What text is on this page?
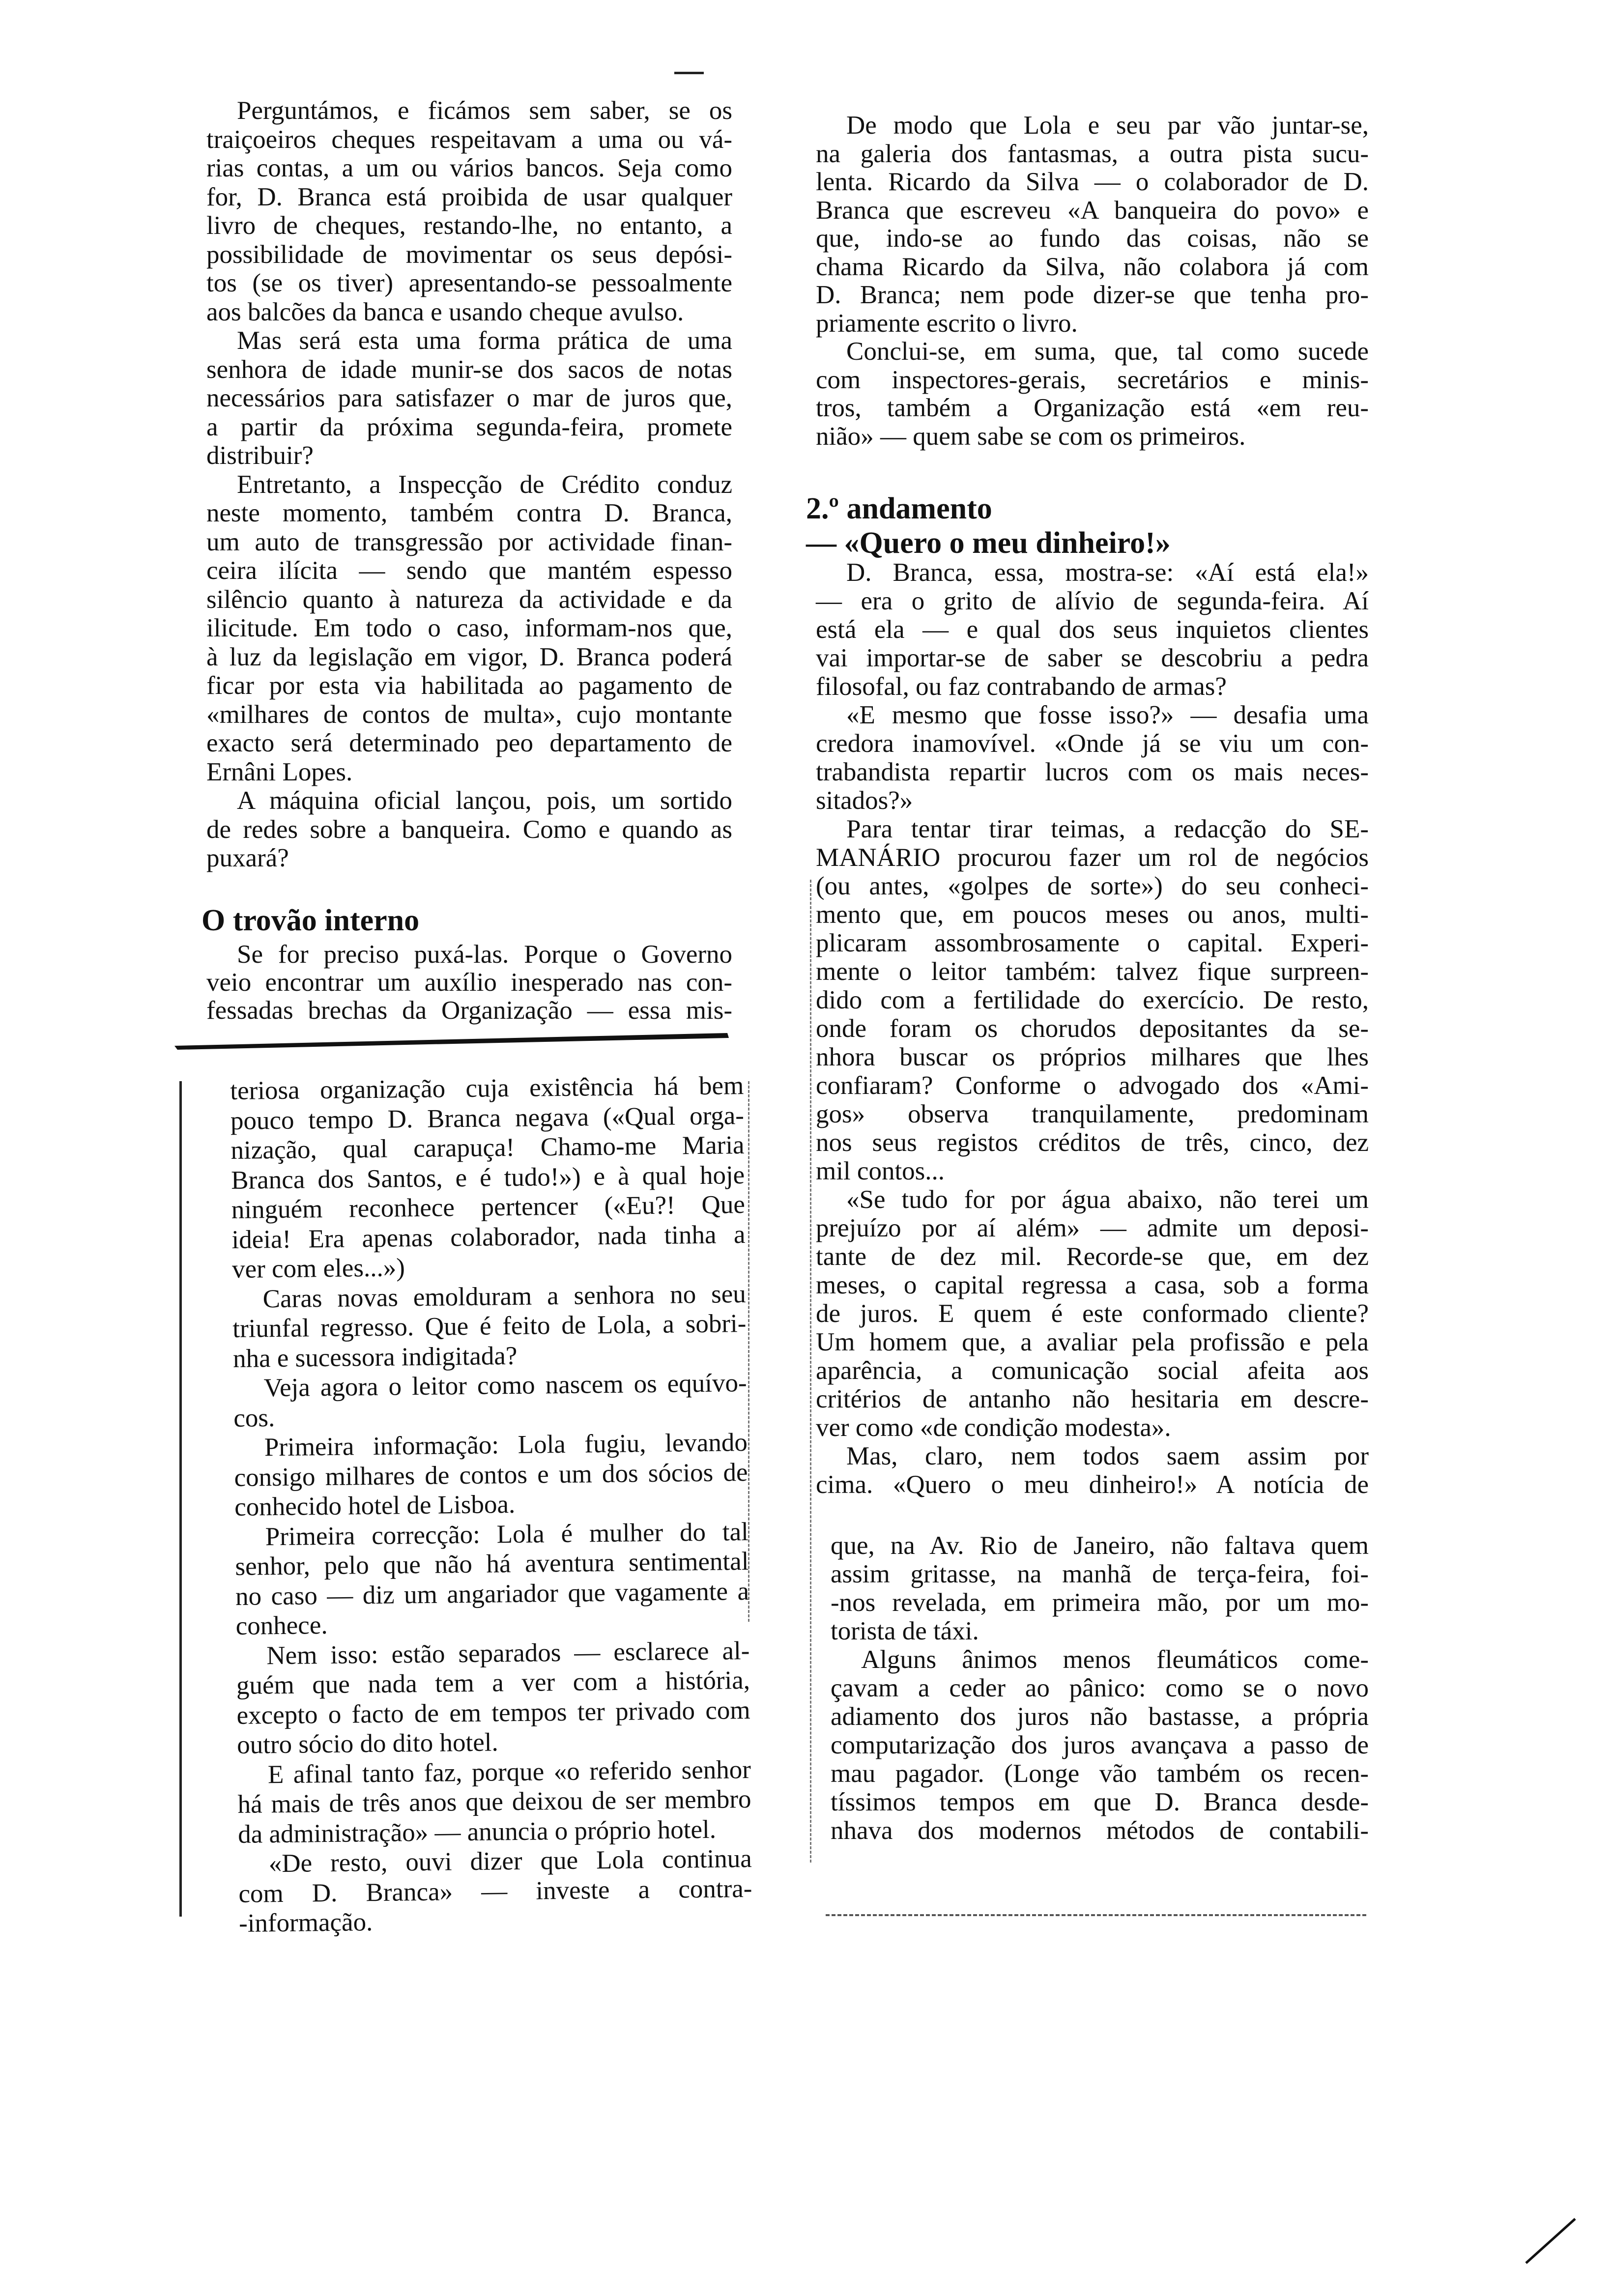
Perguntámos, e ficámos sem saber, se os
traiçoeiros cheques respeitavam a uma ou vá-
rias contas, a um ou vários bancos. Seja como
for, D. Branca está proibida de usar qualquer
livro de cheques, restando-lhe, no entanto, a
possibilidade de movimentar os seus depósi-
tos (se os tiver) apresentando-se pessoalmente
aos balcões da banca e usando cheque avulso.
Mas será esta uma forma prática de uma
senhora de idade munir-se dos sacos de notas
necessários para satisfazer o mar de juros que,
a partir da próxima segunda-feira, promete
distribuir?
Entretanto, a Inspecção de Crédito conduz
neste momento, também contra D. Branca,
um auto de transgressão por actividade finan-
ceira ilícita — sendo que mantém espesso
silêncio quanto à natureza da actividade e da
ilicitude. Em todo o caso, informam-nos que,
à luz da legislação em vigor, D. Branca poderá
ficar por esta via habilitada ao pagamento de
«milhares de contos de multa», cujo montante
exacto será determinado peo departamento de
Ernâni Lopes.
A máquina oficial lançou, pois, um sortido
de redes sobre a banqueira. Como e quando as
puxará?
O trovão interno
Se for preciso puxá-las. Porque o Governo
veio encontrar um auxílio inesperado nas con-
fessadas brechas da Organização — essa mis-
teriosa organização cuja existência há bem
pouco tempo D. Branca negava («Qual orga-
nização, qual carapuça! Chamo-me Maria
Branca dos Santos, e é tudo!») e à qual hoje
ninguém reconhece pertencer («Eu?! Que
ideia! Era apenas colaborador, nada tinha a
ver com eles...»)
Caras novas emolduram a senhora no seu
triunfal regresso. Que é feito de Lola, a sobri-
nha e sucessora indigitada?
Veja agora o leitor como nascem os equívo-
cos.
Primeira informação: Lola fugiu, levando
consigo milhares de contos e um dos sócios de
conhecido hotel de Lisboa.
Primeira correcção: Lola é mulher do tal
senhor, pelo que não há aventura sentimental
no caso — diz um angariador que vagamente a
conhece.
Nem isso: estão separados — esclarece al-
guém que nada tem a ver com a história,
excepto o facto de em tempos ter privado com
outro sócio do dito hotel.
E afinal tanto faz, porque «o referido senhor
há mais de três anos que deixou de ser membro
da administração» — anuncia o próprio hotel.
«De resto, ouvi dizer que Lola continua
com D. Branca» — investe a contra-
-informação.
De modo que Lola e seu par vão juntar-se,
na galeria dos fantasmas, a outra pista sucu-
lenta. Ricardo da Silva — o colaborador de D.
Branca que escreveu «A banqueira do povo» e
que, indo-se ao fundo das coisas, não se
chama Ricardo da Silva, não colabora já com
D. Branca; nem pode dizer-se que tenha pro-
priamente escrito o livro.
Conclui-se, em suma, que, tal como sucede
com inspectores-gerais, secretários e minis-
tros, também a Organização está «em reu-
nião» — quem sabe se com os primeiros.
2.º andamento
— «Quero o meu dinheiro!»
D. Branca, essa, mostra-se: «Aí está ela!»
— era o grito de alívio de segunda-feira. Aí
está ela — e qual dos seus inquietos clientes
vai importar-se de saber se descobriu a pedra
filosofal, ou faz contrabando de armas?
«E mesmo que fosse isso?» — desafia uma
credora inamovível. «Onde já se viu um con-
trabandista repartir lucros com os mais neces-
sitados?»
Para tentar tirar teimas, a redacção do SE-
MANÁRIO procurou fazer um rol de negócios
(ou antes, «golpes de sorte») do seu conheci-
mento que, em poucos meses ou anos, multi-
plicaram assombrosamente o capital. Experi-
mente o leitor também: talvez fique surpreen-
dido com a fertilidade do exercício. De resto,
onde foram os chorudos depositantes da se-
nhora buscar os próprios milhares que lhes
confiaram? Conforme o advogado dos «Ami-
gos» observa tranquilamente, predominam
nos seus registos créditos de três, cinco, dez
mil contos...
«Se tudo for por água abaixo, não terei um
prejuízo por aí além» — admite um deposi-
tante de dez mil. Recorde-se que, em dez
meses, o capital regressa a casa, sob a forma
de juros. E quem é este conformado cliente?
Um homem que, a avaliar pela profissão e pela
aparência, a comunicação social afeita aos
critérios de antanho não hesitaria em descre-
ver como «de condição modesta».
Mas, claro, nem todos saem assim por
cima. «Quero o meu dinheiro!» A notícia de
que, na Av. Rio de Janeiro, não faltava quem
assim gritasse, na manhã de terça-feira, foi-
-nos revelada, em primeira mão, por um mo-
torista de táxi.
Alguns ânimos menos fleumáticos come-
çavam a ceder ao pânico: como se o novo
adiamento dos juros não bastasse, a própria
computarização dos juros avançava a passo de
mau pagador. (Longe vão também os recen-
tíssimos tempos em que D. Branca desde-
nhava dos modernos métodos de contabili-
